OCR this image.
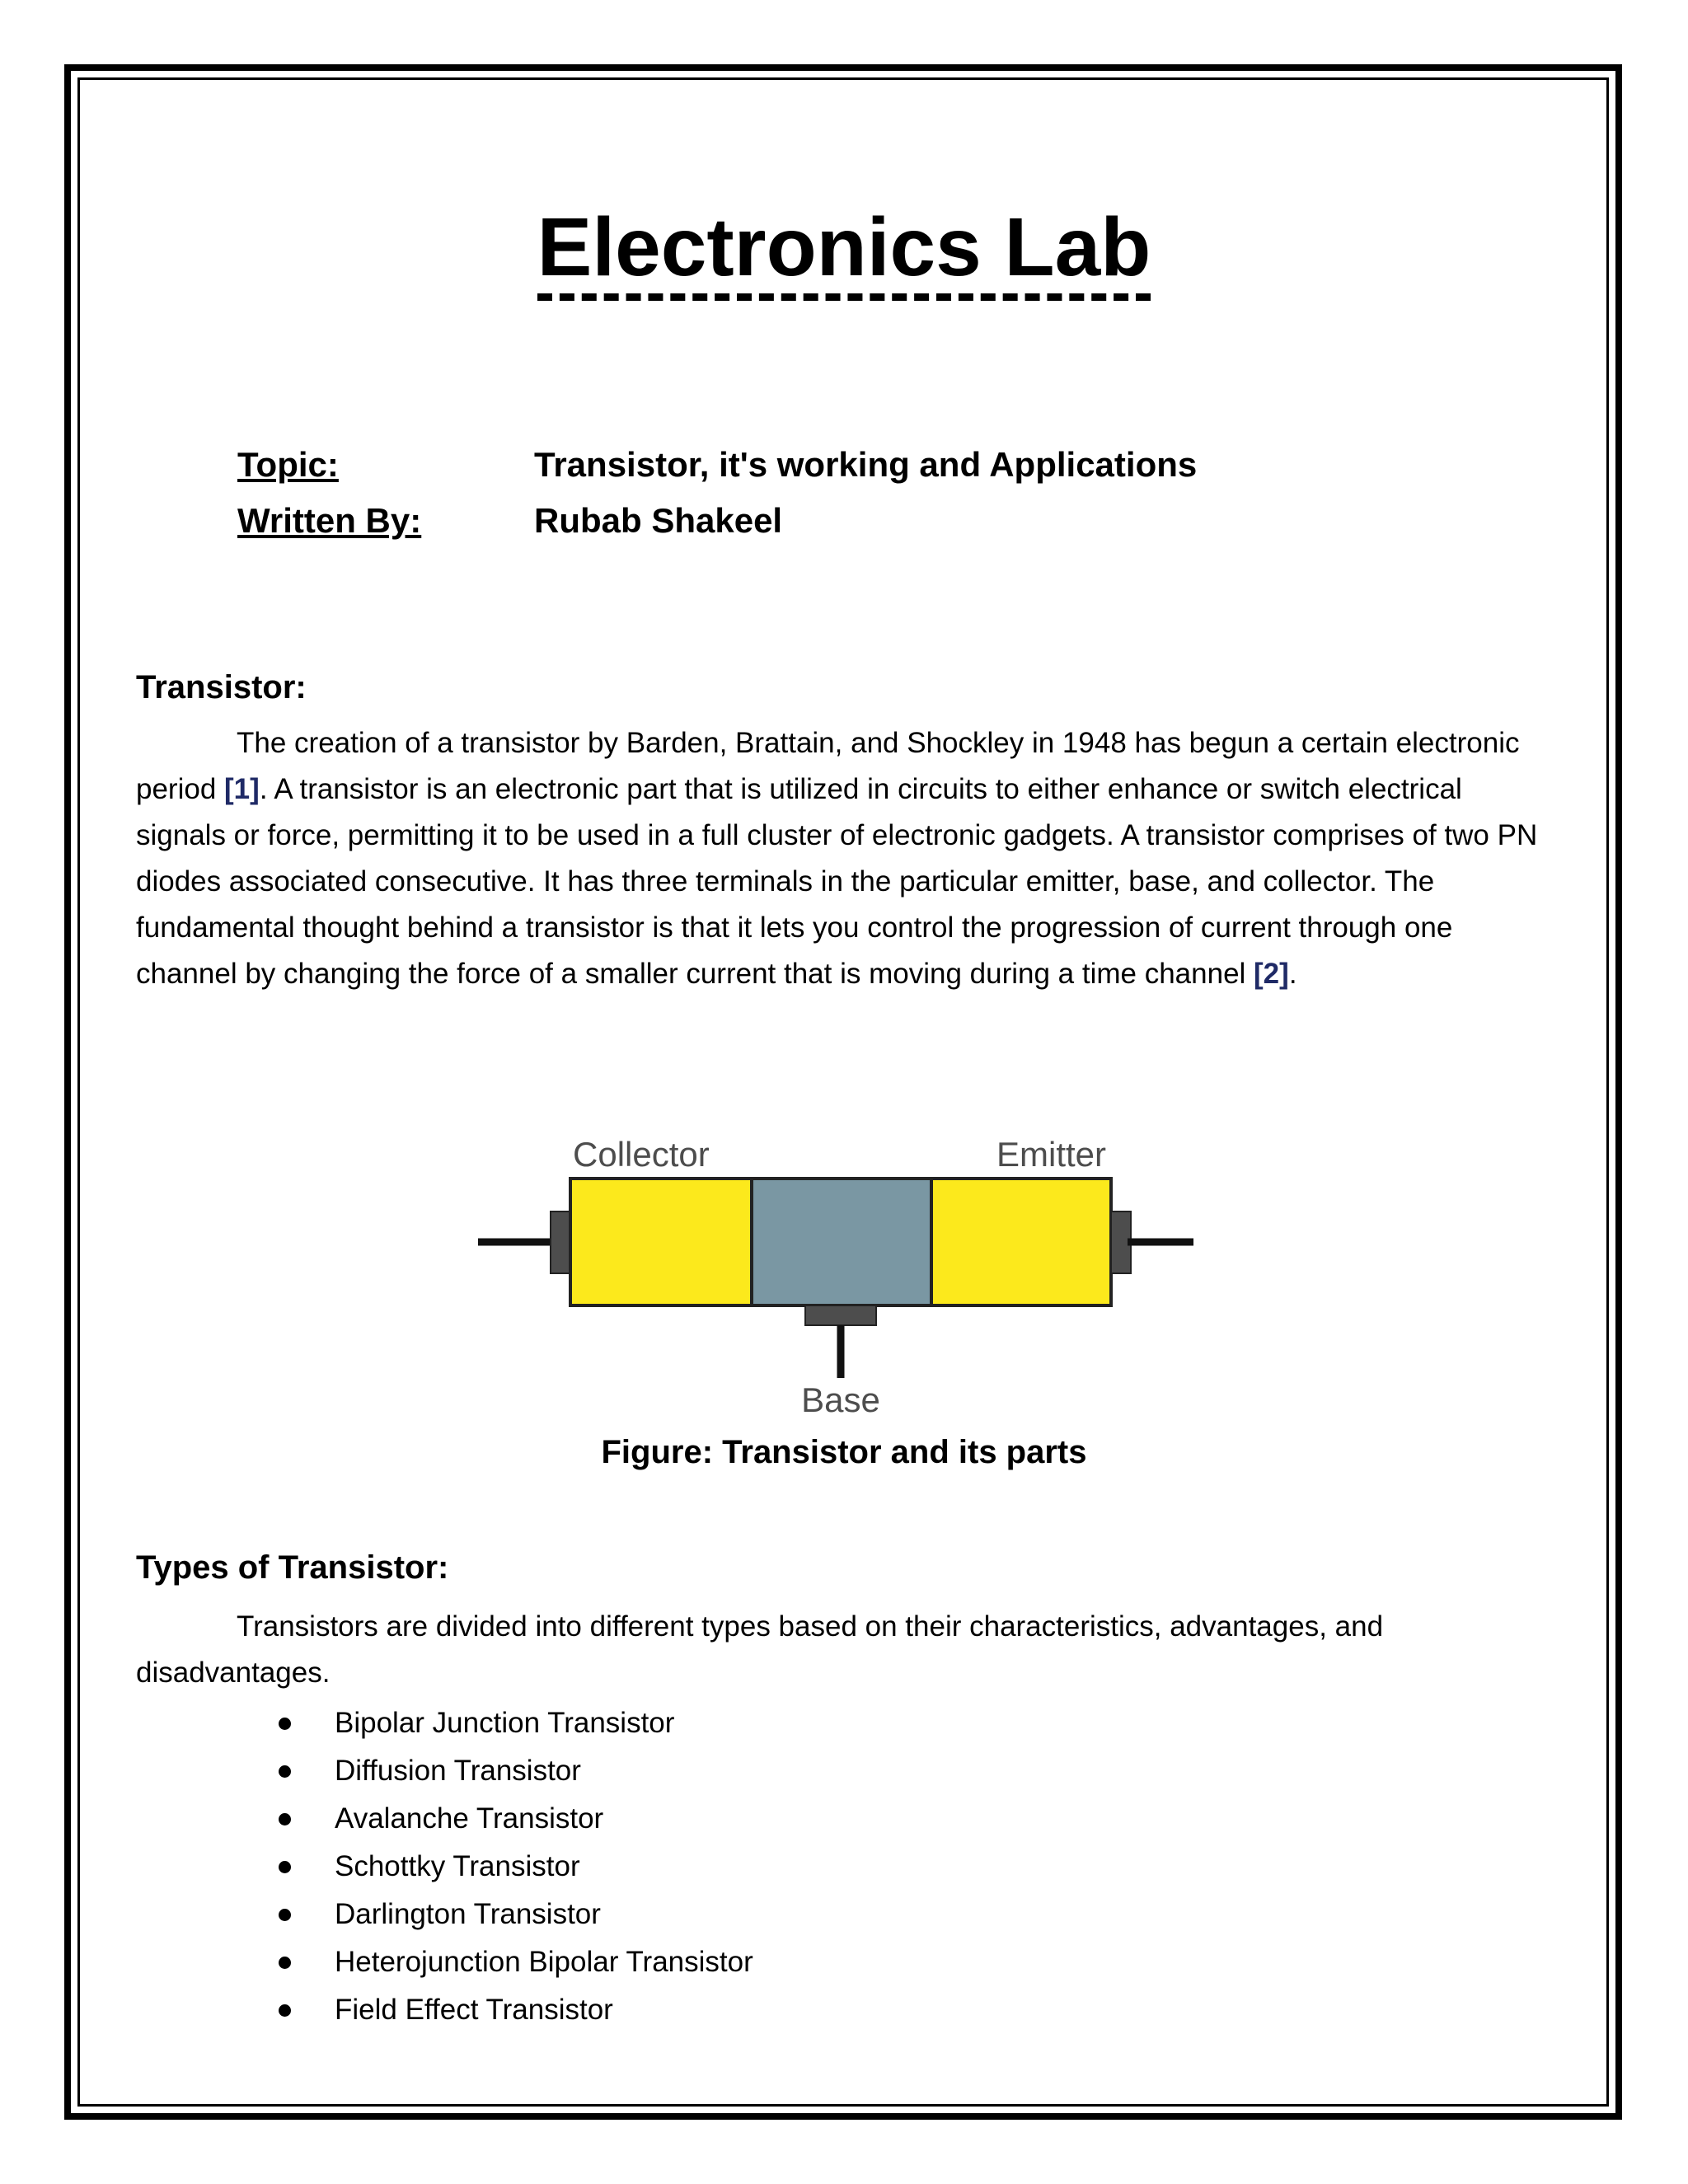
Electronics Lab
Topic:	Transistor, it's working and Applications
Written By:	Rubab Shakeel
Transistor:

The creation of a transistor by Barden, Brattain, and Shockley in 1948 has begun a certain electronic period [1]. A transistor is an electronic part that is utilized in circuits to either enhance or switch electrical signals or force, permitting it to be used in a full cluster of electronic gadgets. A transistor comprises of two PN diodes associated consecutive. It has three terminals in the particular emitter, base, and collector. The fundamental thought behind a transistor is that it lets you control the progression of current through one channel by changing the force of a smaller current that is moving during a time channel [2].

Collector	Emitter
Base
Figure: Transistor and its parts
Types of Transistor:

Transistors are divided into different types based on their characteristics, advantages, and disadvantages.

Bipolar Junction Transistor
Diffusion Transistor
Avalanche Transistor
Schottky Transistor
Darlington Transistor
Heterojunction Bipolar Transistor
Field Effect Transistor
